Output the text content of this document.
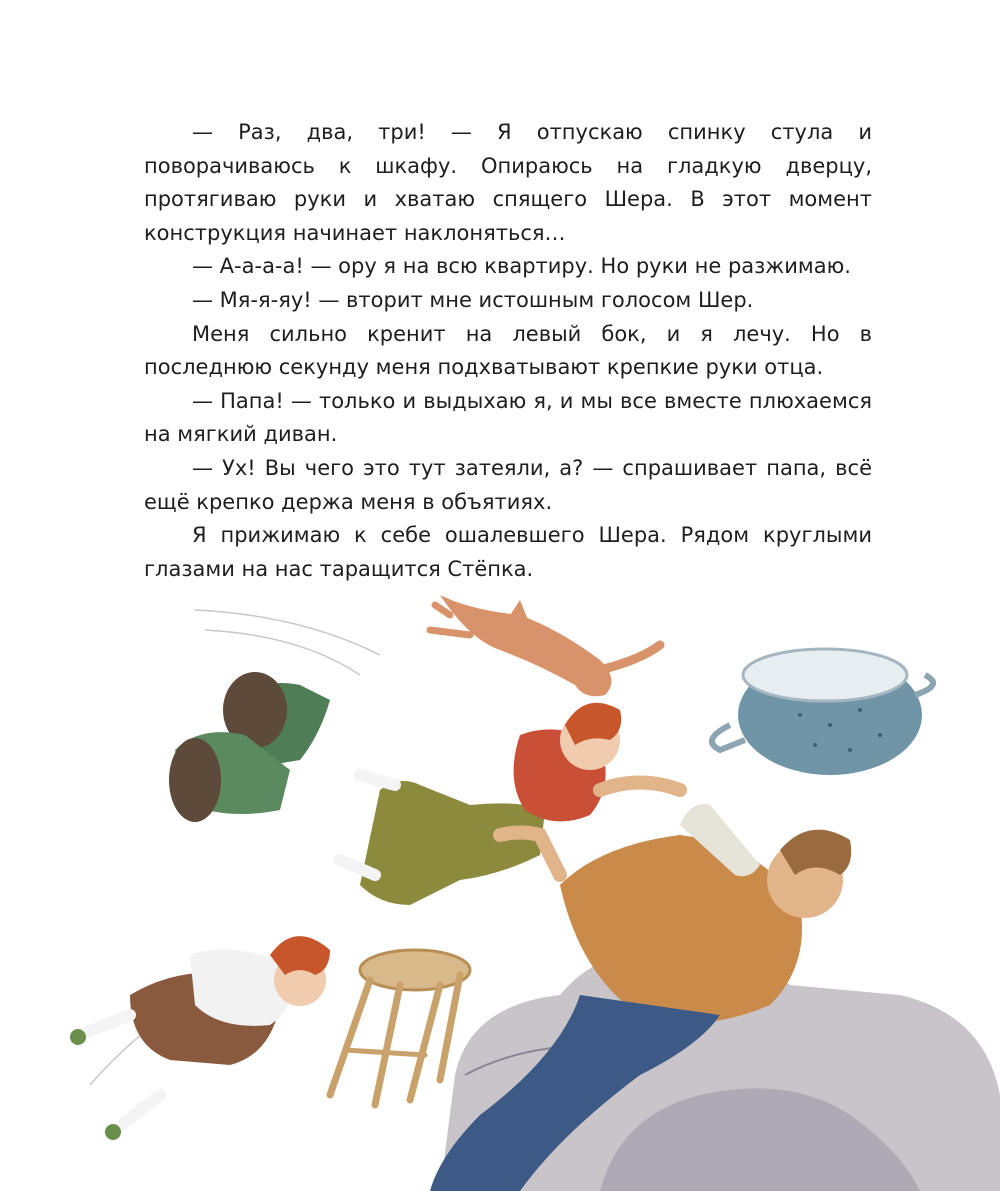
— Раз, два, три! — Я отпускаю спинку стула и поворачиваюсь к шкафу. Опираюсь на гладкую дверцу, протягиваю руки и хватаю спящего Шера. В этот момент конструкция начинает наклоняться…

— А-а-а-а! — ору я на всю квартиру. Но руки не разжимаю.

— Мя-я-яу! — вторит мне истошным голосом Шер.

Меня сильно кренит на левый бок, и я лечу. Но в последнюю секунду меня подхватывают крепкие руки отца.

— Папа! — только и выдыхаю я, и мы все вместе плюхаемся на мягкий диван.

— Ух! Вы чего это тут затеяли, а? — спрашивает папа, всё ещё крепко держа меня в объятиях.

Я прижимаю к себе ошалевшего Шера. Рядом круглыми глазами на нас таращится Стёпка.
